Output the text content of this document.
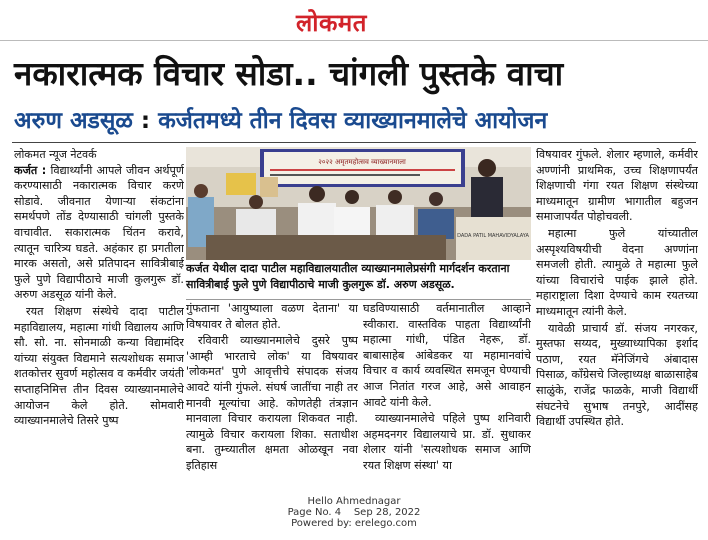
लोकमत
नकारात्मक विचार सोडा.. चांगली पुस्तके वाचा
अरुण अडसूळ : कर्जतमध्ये तीन दिवस व्याख्यानमालेचे आयोजन
लोकमत न्यूज नेटवर्क

कर्जत : विद्यार्थ्यांनी आपले जीवन अर्थपूर्ण करण्यासाठी नकारात्मक विचार करणे सोडावे. जीवनात येणाऱ्या संकटांना समर्थपणे तोंड देण्यासाठी चांगली पुस्तके वाचावीत. सकारात्मक चिंतन करावे, त्यातून चारित्र्य घडते. अहंकार हा प्रगतीला मारक असतो, असे प्रतिपादन सावित्रीबाई फुले पुणे विद्यापीठाचे माजी कुलगुरू डॉ. अरुण अडसूळ यांनी केले.

रयत शिक्षण संस्थेचे दादा पाटील महाविद्यालय, महात्मा गांधी विद्यालय आणि सौ. सो. ना. सोनमाळी कन्या विद्यामंदिर यांच्या संयुक्त विद्यमाने सत्यशोधक समाज शतकोत्तर सुवर्ण महोत्सव व कर्मवीर जयंती सप्ताहनिमित्त तीन दिवस व्याख्यानमालेचे आयोजन केले होते. सोमवारी व्याख्यानमालेचे तिसरे पुष्प

२०२२ अमृतमहोत्सव व्याख्यानमाला
DADA PATIL MAHAVIDYALAYA
कर्जत येथील दादा पाटील महाविद्यालयातील व्याख्यानमालेप्रसंगी मार्गदर्शन करताना सावित्रीबाई फुले पुणे विद्यापीठाचे माजी कुलगुरू डॉ. अरुण अडसूळ.

गुंफताना 'आयुष्याला वळण देताना' या विषयावर ते बोलत होते.

रविवारी व्याख्यानमालेचे दुसरे पुष्प 'आम्ही भारताचे लोक' या विषयावर 'लोकमत' पुणे आवृत्तीचे संपादक संजय आवटे यांनी गुंफले. संघर्ष जातींचा नाही तर मानवी मूल्यांचा आहे. कोणतेही तंत्रज्ञान मानवाला विचार करायला शिकवत नाही. त्यामुळे विचार करायला शिका. सताधीश बना. तुम्च्यातील क्षमता ओळखून नवा इतिहास

घडविण्यासाठी वर्तमानातील आव्हाने स्वीकारा. वास्तविक पाहता विद्यार्थ्यांनी महात्मा गांधी, पंडित नेहरू, डॉ. बाबासाहेब आंबेडकर या महामानवांचे विचार व कार्य व्यवस्थित समजून घेण्याची आज नितांत गरज आहे, असे आवाहन आवटे यांनी केले.

व्याख्यानमालेचे पहिले पुष्प शनिवारी अहमदनगर विद्यालयाचे प्रा. डॉ. सुधाकर शेलार यांनी 'सत्यशोधक समाज आणि रयत शिक्षण संस्था' या

विषयावर गुंफले. शेलार म्हणाले, कर्मवीर अण्णांनी प्राथमिक, उच्च शिक्षणापर्यंत शिक्षणाची गंगा रयत शिक्षण संस्थेच्या माध्यमातून ग्रामीण भागातील बहुजन समाजापर्यंत पोहोचवली.

महात्मा फुले यांच्यातील अस्पृश्यविषयीची वेदना अण्णांना समजली होती. त्यामुळे ते महात्मा फुले यांच्या विचारांचे पाईक झाले होते. महाराष्ट्राला दिशा देण्याचे काम रयतच्या माध्यमातून त्यांनी केले.

यावेळी प्राचार्य डॉ. संजय नगरकर, मुस्तफा सय्यद, मुख्याध्यापिका इर्शाद पठाण, रयत मॅनेजिंगचे अंबादास पिसाळ, कॉंग्रेसचे जिल्हाध्यक्ष बाळासाहेब साळुंके, राजेंद्र फाळके, माजी विद्यार्थी संघटनेचे सुभाष तनपुरे, आदींसह विद्यार्थी उपस्थित होते.

Hello Ahmednagar
Page No. 4    Sep 28, 2022
Powered by: erelego.com
